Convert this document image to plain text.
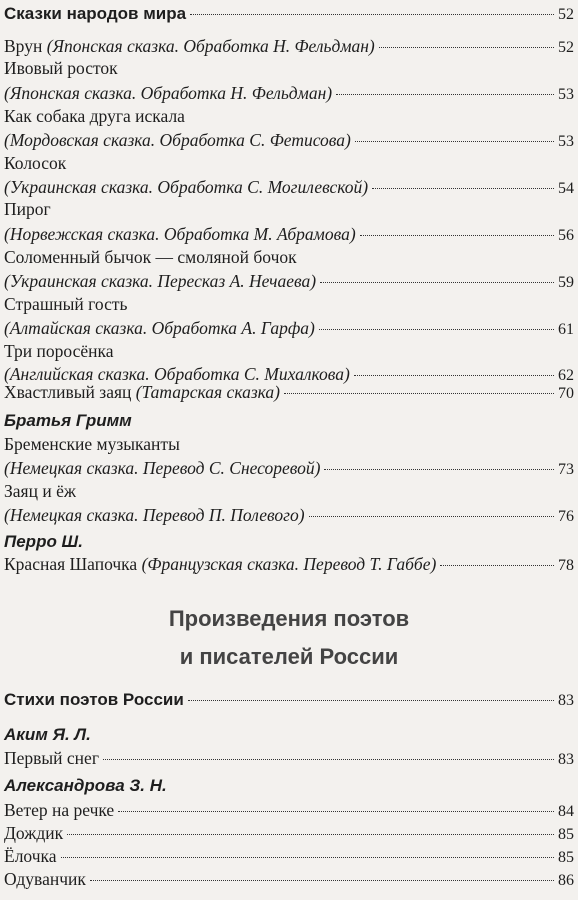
Сказки народов мира	52
Врун
(Японская сказка. Обработка Н. Фельдман)	52
Ивовый росток
(Японская сказка. Обработка Н. Фельдман)	53
Как собака друга искала
(Мордовская сказка. Обработка С. Фетисова)	53
Колосок
(Украинская сказка. Обработка С. Могилевской)	54
Пирог
(Норвежская сказка. Обработка М. Абрамова)	56
Соломенный бычок — смоляной бочок
(Украинская сказка. Пересказ А. Нечаева)	59
Страшный гость
(Алтайская сказка. Обработка А. Гарфа)	61
Три поросёнка
(Английская сказка. Обработка С. Михалкова)	62
Хвастливый заяц
(Татарская сказка)	70
Братья Гримм
Бременские музыканты
(Немецкая сказка. Перевод С. Снесоревой)	73
Заяц и ёж
(Немецкая сказка. Перевод П. Полевого)	76
Перро Ш.
Красная Шапочка
(Французская сказка. Перевод Т. Габбе)	78
Произведения поэтов
и писателей России
Стихи поэтов России	83
Аким Я. Л.
Первый снег	83
Александрова З. Н.
Ветер на речке	84
Дождик	85
Ёлочка	85
Одуванчик	86
